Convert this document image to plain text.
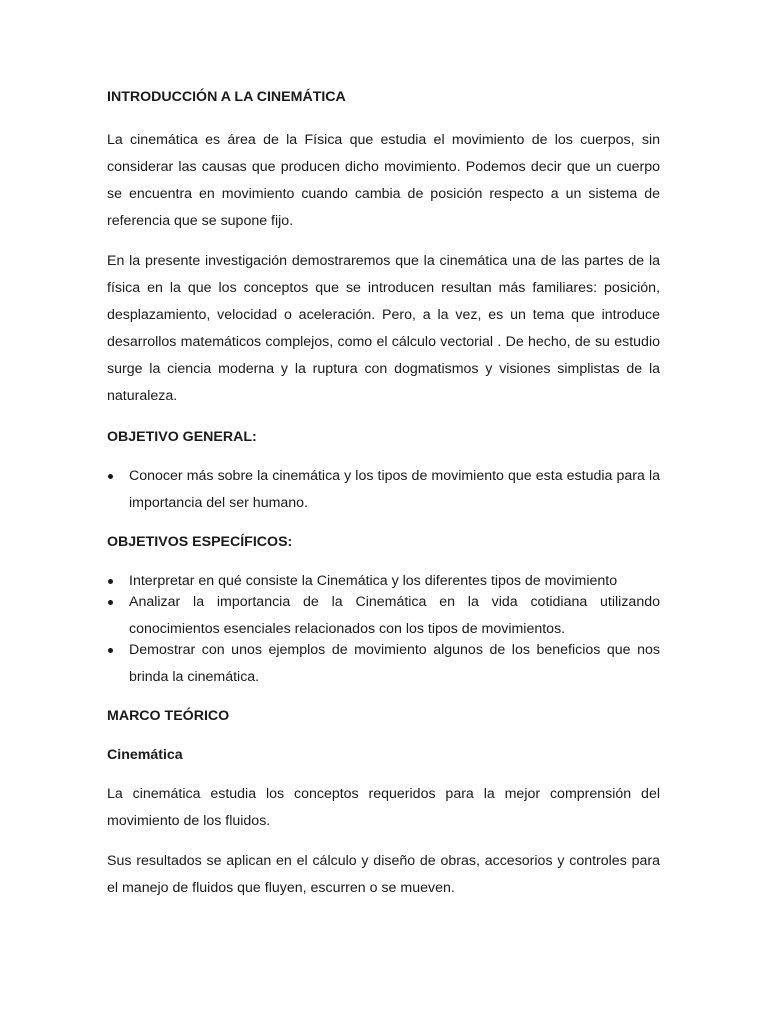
INTRODUCCIÓN A LA CINEMÁTICA

La cinemática es área de la Física que estudia el movimiento de los cuerpos, sin considerar las causas que producen dicho movimiento. Podemos decir que un cuerpo se encuentra en movimiento cuando cambia de posición respecto a un sistema de referencia que se supone fijo.

En la presente investigación demostraremos que la cinemática una de las partes de la física en la que los conceptos que se introducen resultan más familiares: posición, desplazamiento, velocidad o aceleración. Pero, a la vez, es un tema que introduce desarrollos matemáticos complejos, como el cálculo vectorial . De hecho, de su estudio surge la ciencia moderna y la ruptura con dogmatismos y visiones simplistas de la naturaleza.

OBJETIVO GENERAL:
Conocer más sobre la cinemática y los tipos de movimiento que esta estudia para la importancia del ser humano.
OBJETIVOS ESPECÍFICOS:
Interpretar en qué consiste la Cinemática y los diferentes tipos de movimiento
Analizar la importancia de la Cinemática en la vida cotidiana utilizando conocimientos esenciales relacionados con los tipos de movimientos.
Demostrar con unos ejemplos de movimiento algunos de los beneficios que nos brinda la cinemática.
MARCO TEÓRICO
Cinemática

La cinemática estudia los conceptos requeridos para la mejor comprensión del movimiento de los fluidos.

Sus resultados se aplican en el cálculo y diseño de obras, accesorios y controles para el manejo de fluidos que fluyen, escurren o se mueven.
